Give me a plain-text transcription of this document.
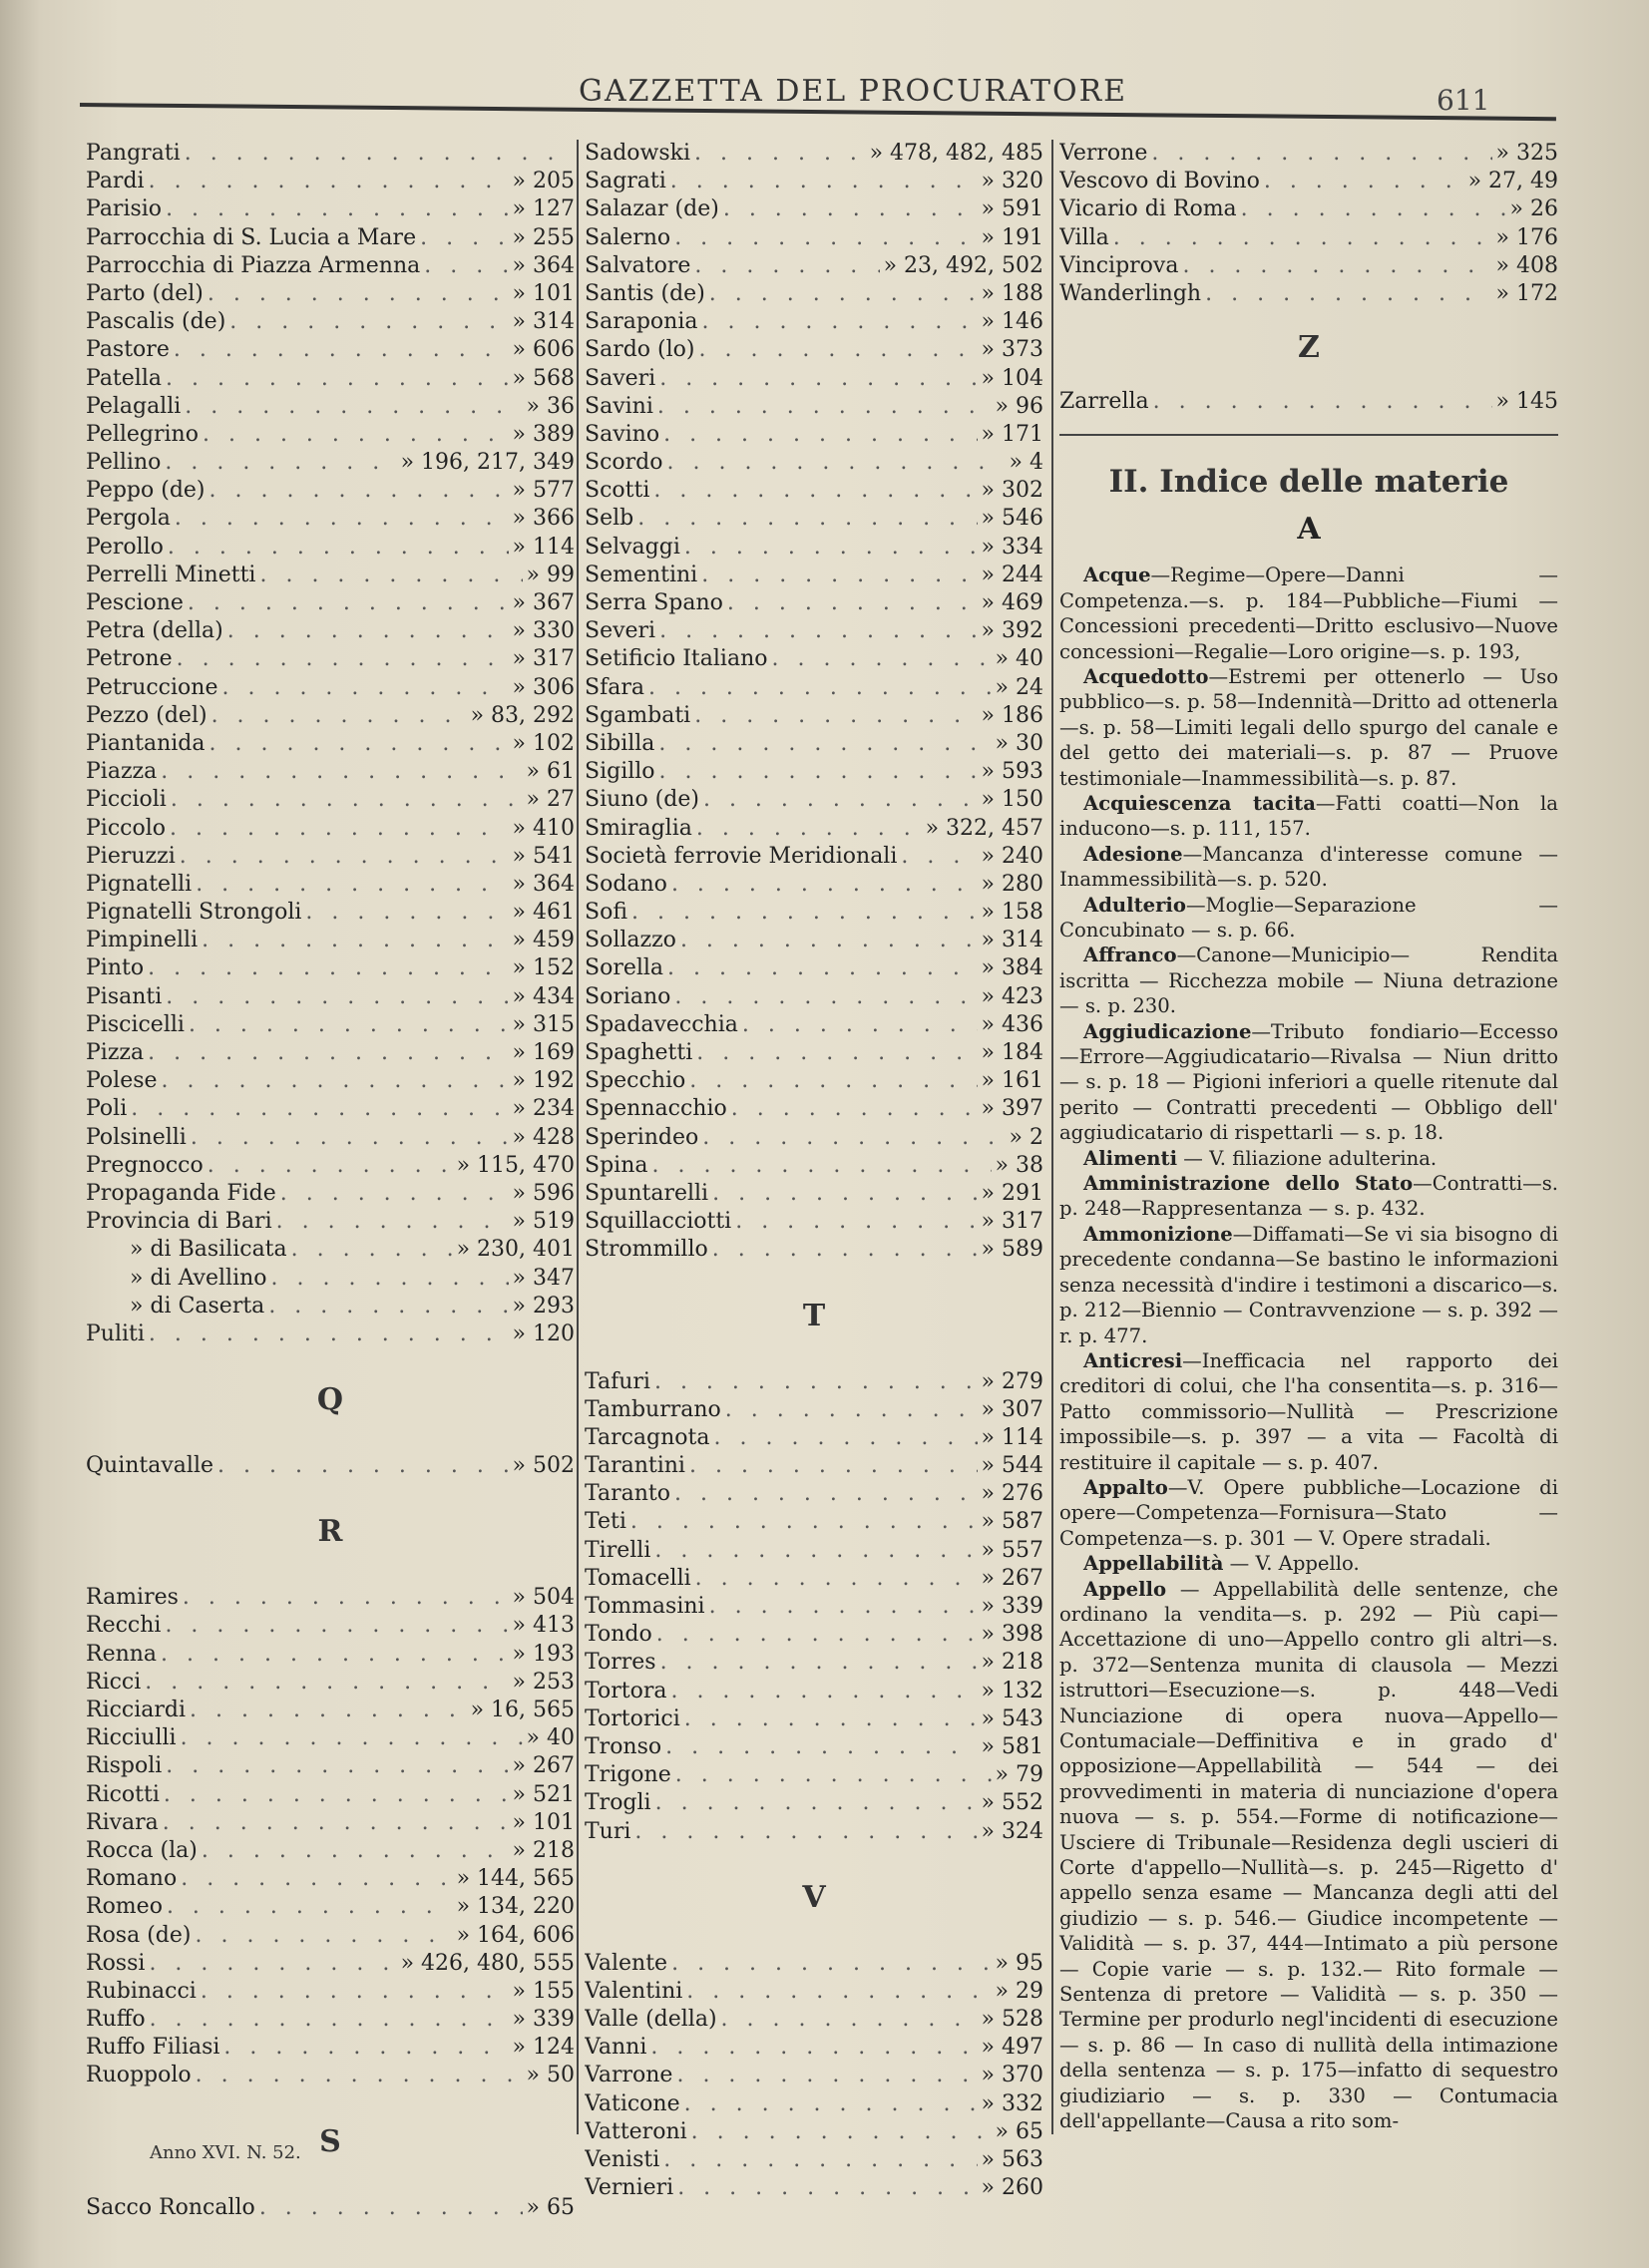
GAZZETTA DEL PROCURATORE	611
Pangrati
. . .
Pardi . . .	» 205
Parisio . . .	» 127
Parrocchia di S. Lucia a Mare . . .	» 255
Parrocchia di Piazza Armenna . . .	» 364
Parto (del) . . .	» 101
Pascalis (de) . . .	» 314
Pastore . . .	» 606
Patella . . .	» 568
Pelagalli . . .	» 36
Pellegrino . . .	» 389
Pellino . . .	» 196, 217, 349
Peppo (de) . . .	» 577
Pergola . . .	» 366
Perollo . . .	» 114
Perrelli Minetti . . .	» 99
Pescione . . .	» 367
Petra (della) . . .	» 330
Petrone . . .	» 317
Petruccione . . .	» 306
Pezzo (del) . . .	» 83, 292
Piantanida . . .	» 102
Piazza . . .	» 61
Piccioli . . .	» 27
Piccolo . . .	» 410
Pieruzzi . . .	» 541
Pignatelli . . .	» 364
Pignatelli Strongoli . . .	» 461
Pimpinelli . . .	» 459
Pinto . . .	» 152
Pisanti . . .	» 434
Piscicelli . . .	» 315
Pizza . . .	» 169
Polese . . .	» 192
Poli . . .	» 234
Polsinelli . . .	» 428
Pregnocco . . .	» 115, 470
Propaganda Fide . . .	» 596
Provincia di Bari . . .	» 519
» di Basilicata . . .	» 230, 401
» di Avellino . . .	» 347
» di Caserta . . .	» 293
Puliti . . .	» 120
Q
Quintavalle . . .	» 502
R
Ramires . . .	» 504
Recchi . . .	» 413
Renna . . .	» 193
Ricci . . .	» 253
Ricciardi . . .	» 16, 565
Ricciulli . . .	» 40
Rispoli . . .	» 267
Ricotti . . .	» 521
Rivara . . .	» 101
Rocca (la) . . .	» 218
Romano . . .	» 144, 565
Romeo . . .	» 134, 220
Rosa (de) . . .	» 164, 606
Rossi . . .	» 426, 480, 555
Rubinacci . . .	» 155
Ruffo . . .	» 339
Ruffo Filiasi . . .	» 124
Ruoppolo . . .	» 50
S
Sacco Roncallo . . .	» 65
Sadowski . . .	» 478, 482, 485
Sagrati . . .	» 320
Salazar (de) . . .	» 591
Salerno . . .	» 191
Salvatore . . .	» 23, 492, 502
Santis (de) . . .	» 188
Saraponia . . .	» 146
Sardo (lo) . . .	» 373
Saveri . . .	» 104
Savini . . .	» 96
Savino . . .	» 171
Scordo . . .	» 4
Scotti . . .	» 302
Selb . . .	» 546
Selvaggi . . .	» 334
Sementini . . .	» 244
Serra Spano . . .	» 469
Severi . . .	» 392
Setificio Italiano . . .	» 40
Sfara . . .	» 24
Sgambati . . .	» 186
Sibilla . . .	» 30
Sigillo . . .	» 593
Siuno (de) . . .	» 150
Smiraglia . . .	» 322, 457
Società ferrovie Meridionali . . .	» 240
Sodano . . .	» 280
Sofi . . .	» 158
Sollazzo . . .	» 314
Sorella . . .	» 384
Soriano . . .	» 423
Spadavecchia . . .	» 436
Spaghetti . . .	» 184
Specchio . . .	» 161
Spennacchio . . .	» 397
Sperindeo . . .	» 2
Spina . . .	» 38
Spuntarelli . . .	» 291
Squillacciotti . . .	» 317
Strommillo . . .	» 589
T
Tafuri . . .	» 279
Tamburrano . . .	» 307
Tarcagnota . . .	» 114
Tarantini . . .	» 544
Taranto . . .	» 276
Teti . . .	» 587
Tirelli . . .	» 557
Tomacelli . . .	» 267
Tommasini . . .	» 339
Tondo . . .	» 398
Torres . . .	» 218
Tortora . . .	» 132
Tortorici . . .	» 543
Tronso . . .	» 581
Trigone . . .	» 79
Trogli . . .	» 552
Turi . . .	» 324
V
Valente . . .	» 95
Valentini . . .	» 29
Valle (della) . . .	» 528
Vanni . . .	» 497
Varrone . . .	» 370
Vaticone . . .	» 332
Vatteroni . . .	» 65
Venisti . . .	» 563
Vernieri . . .	» 260
Verrone . . .	» 325
Vescovo di Bovino . . .	» 27, 49
Vicario di Roma . . .	» 26
Villa . . .	» 176
Vinciprova . . .	» 408
Wanderlingh . . .	» 172
Z
Zarrella . . .	» 145
II. Indice delle materie
A

Acque—Regime—Opere—Danni — Competenza.—s. p. 184—Pubbliche—Fiumi — Concessioni precedenti—Dritto esclusivo—Nuove concessioni—Regalie—Loro origine—s. p. 193,

Acquedotto—Estremi per ottenerlo — Uso pubblico—s. p. 58—Indennità—Dritto ad ottenerla—s. p. 58—Limiti legali dello spurgo del canale e del getto dei materiali—s. p. 87 — Pruove testimoniale—Inammessibilità—s. p. 87.

Acquiescenza tacita—Fatti coatti—Non la inducono—s. p. 111, 157.

Adesione—Mancanza d'interesse comune — Inammessibilità—s. p. 520.

Adulterio—Moglie—Separazione — Concubinato — s. p. 66.

Affranco—Canone—Municipio— Rendita iscritta — Ricchezza mobile — Niuna detrazione — s. p. 230.

Aggiudicazione—Tributo fondiario—Eccesso—Errore—Aggiudicatario—Rivalsa — Niun dritto — s. p. 18 — Pigioni inferiori a quelle ritenute dal perito — Contratti precedenti — Obbligo dell' aggiudicatario di rispettarli — s. p. 18.

Alimenti — V. filiazione adulterina.

Amministrazione dello Stato—Contratti—s. p. 248—Rappresentanza — s. p. 432.

Ammonizione—Diffamati—Se vi sia bisogno di precedente condanna—Se bastino le informazioni senza necessità d'indire i testimoni a discarico—s. p. 212—Biennio — Contravvenzione — s. p. 392 — r. p. 477.

Anticresi—Inefficacia nel rapporto dei creditori di colui, che l'ha consentita—s. p. 316—Patto commissorio—Nullità — Prescrizione impossibile—s. p. 397 — a vita — Facoltà di restituire il capitale — s. p. 407.

Appalto—V. Opere pubbliche—Locazione di opere—Competenza—Fornisura—Stato — Competenza—s. p. 301 — V. Opere stradali.

Appellabilità — V. Appello.

Appello — Appellabilità delle sentenze, che ordinano la vendita—s. p. 292 — Più capi—Accettazione di uno—Appello contro gli altri—s. p. 372—Sentenza munita di clausola — Mezzi istruttori—Esecuzione—s. p. 448—Vedi Nunciazione di opera nuova—Appello—Contumaciale—Deffinitiva e in grado d' opposizione—Appellabilità — 544 — dei provvedimenti in materia di nunciazione d'opera nuova — s. p. 554.—Forme di notificazione— Usciere di Tribunale—Residenza degli uscieri di Corte d'appello—Nullità—s. p. 245—Rigetto d' appello senza esame — Mancanza degli atti del giudizio — s. p. 546.— Giudice incompetente — Validità — s. p. 37, 444—Intimato a più persone — Copie varie — s. p. 132.— Rito formale — Sentenza di pretore — Validità — s. p. 350 — Termine per produrlo negl'incidenti di esecuzione — s. p. 86 — In caso di nullità della intimazione della sentenza — s. p. 175—infatto di sequestro giudiziario — s. p. 330 — Contumacia dell'appellante—Causa a rito som-

Anno XVI. N. 52.
